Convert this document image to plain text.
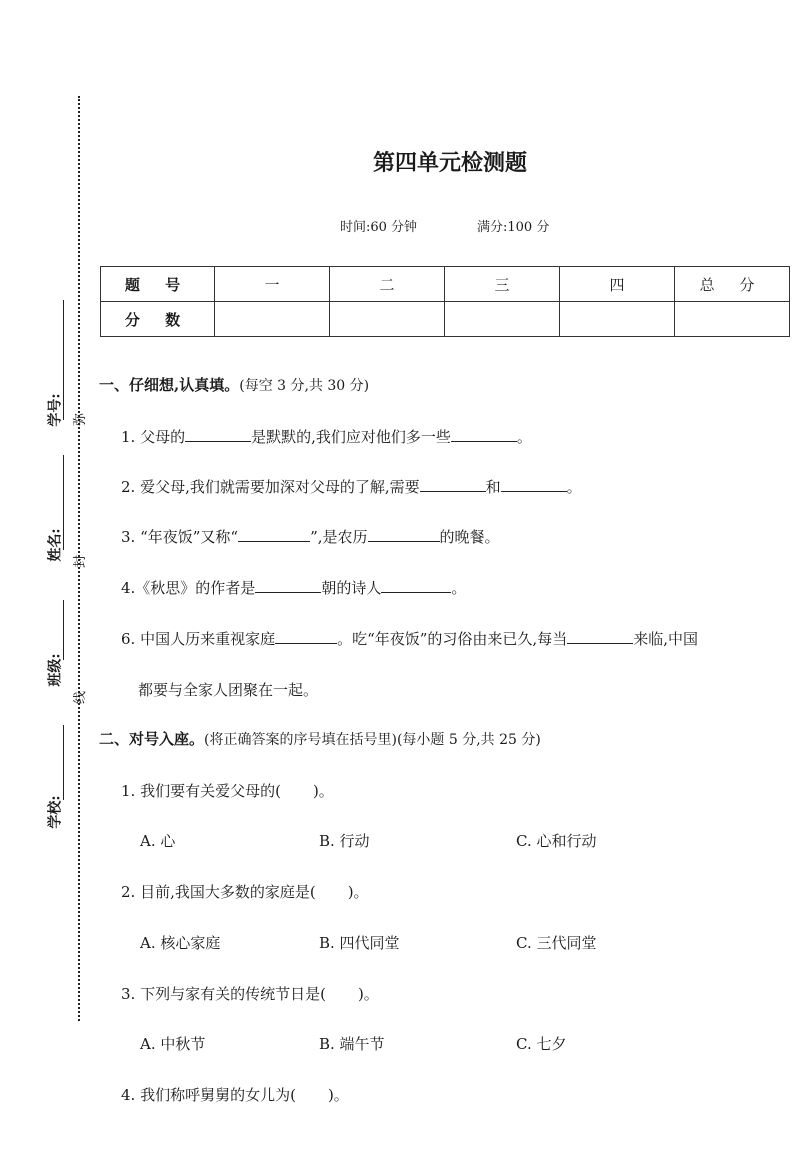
学号:
姓名:
班级:
学校:
弥
封
线
第四单元检测题
时间:60 分钟	满分:100 分
题 号	一	二	三	四	总 分
分 数					
一、仔细想,认真填。(每空 3 分,共 30 分)
1. 父母的	是默默的,我们应对他们多一些	。
2. 爱父母,我们就需要加深对父母的了解,需要	和	。
3. “年夜饭”又称“	”,是农历	的晚餐。
4.《秋思》的作者是	朝的诗人	。
6. 中国人历来重视家庭	。吃“年夜饭”的习俗由来已久,每当	来临,中国
都要与全家人团聚在一起。
二、对号入座。(将正确答案的序号填在括号里)(每小题 5 分,共 25 分)
1. 我们要有关爱父母的( )。
A. 心	B. 行动	C. 心和行动
2. 目前,我国大多数的家庭是( )。
A. 核心家庭	B. 四代同堂	C. 三代同堂
3. 下列与家有关的传统节日是( )。
A. 中秋节	B. 端午节	C. 七夕
4. 我们称呼舅舅的女儿为( )。
